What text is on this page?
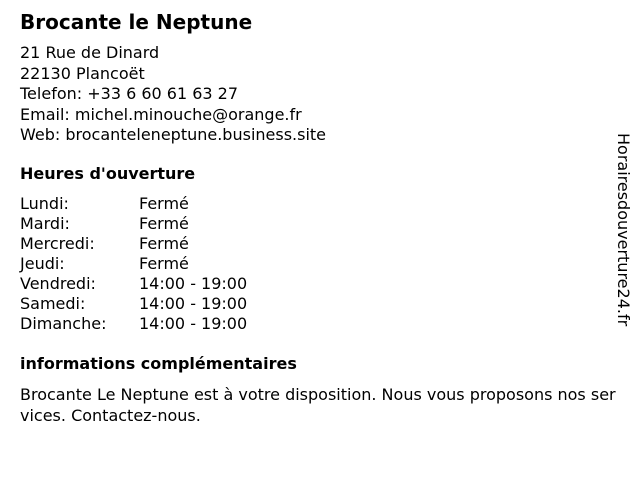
Brocante le Neptune
21 Rue de Dinard
22130 Plancoët
Telefon: +33 6 60 61 63 27
Email: michel.minouche@orange.fr
Web: brocanteleneptune.business.site
Heures d'ouverture
Lundi:	Fermé
Mardi:	Fermé
Mercredi:	Fermé
Jeudi:	Fermé
Vendredi:	14:00 - 19:00
Samedi:	14:00 - 19:00
Dimanche:	14:00 - 19:00
informations complémentaires
Brocante Le Neptune est à votre disposition. Nous vous proposons nos services. Contactez-nous.
Horairesdouverture24.fr
